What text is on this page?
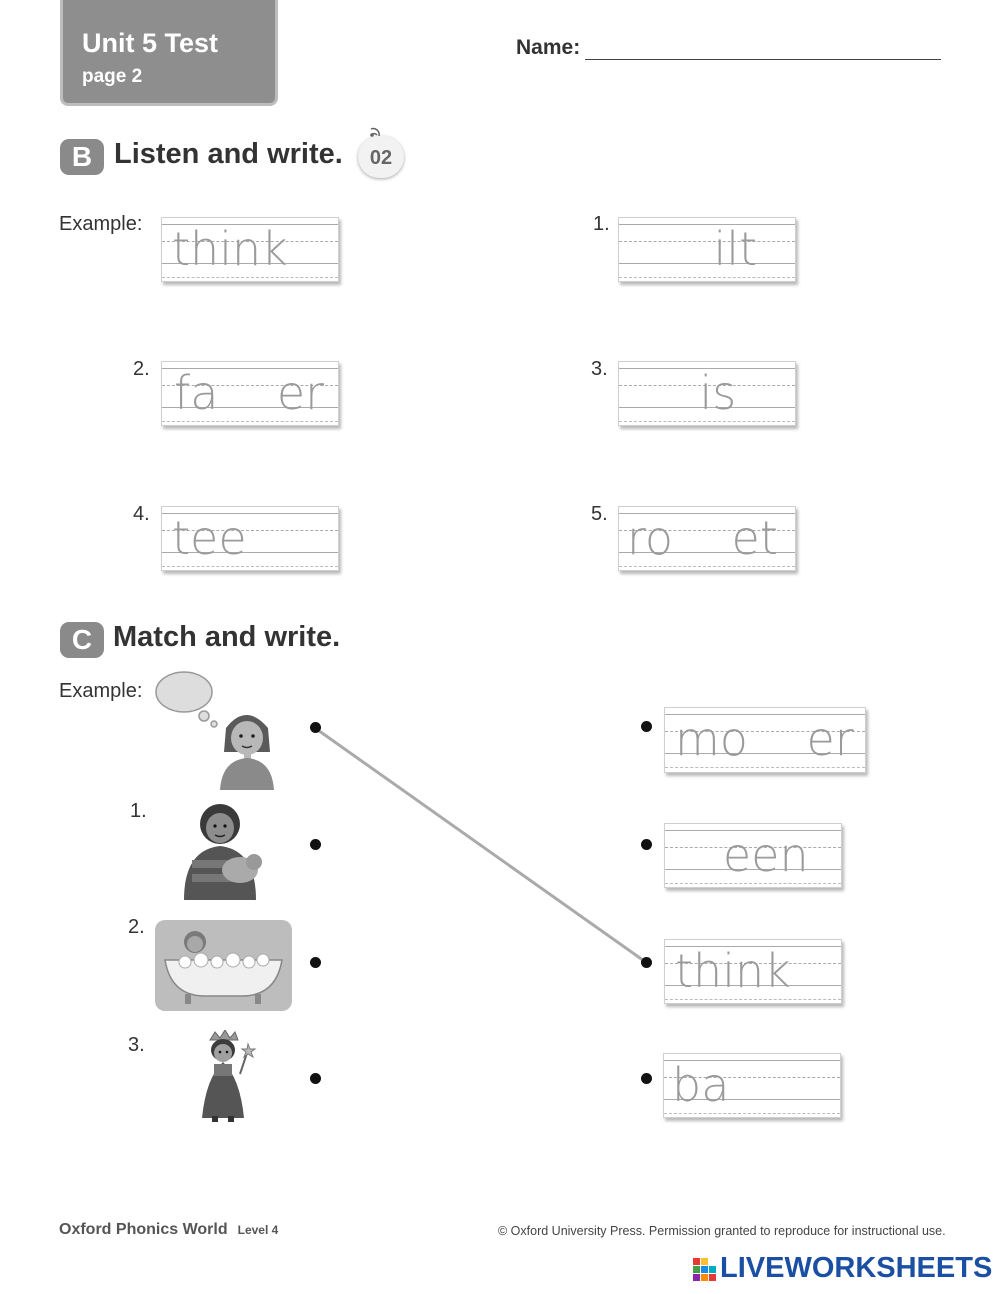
Unit 5 Test
page 2
Name:
B Listen and write.	02
Example: think	1. ilt
2. fa    er	3. is
4. tee	5. ro    et
C Match and write.
Example:
1.
2.
3.
mo    er
een
think
ba
Oxford Phonics World Level 4	© Oxford University Press. Permission granted to reproduce for instructional use.
LIVEWORKSHEETS
